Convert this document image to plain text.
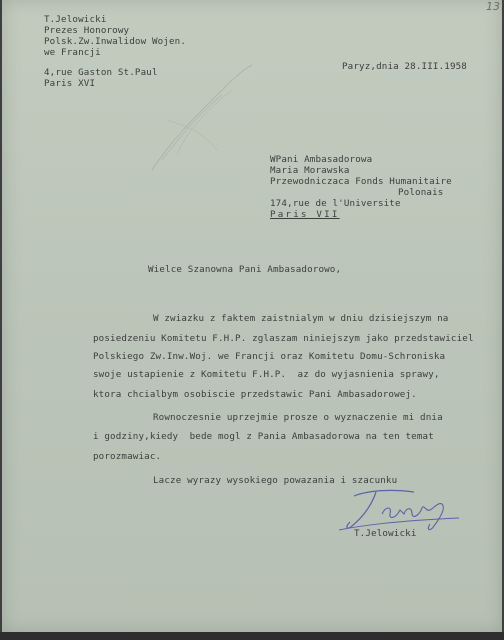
13
T.Jelowicki
Prezes Honorowy
Polsk.Zw.Inwalidow Wojen.
we Francji
4,rue Gaston St.Paul
Paris XVI
Paryz,dnia 28.III.1958
WPani Ambasadorowa
Maria Morawska
Przewodniczaca Fonds Humanitaire
Polonais
174,rue de l'Universite
Paris VII
Wielce Szanowna Pani Ambasadorowo,
W zwiazku z faktem zaistnialym w dniu dzisiejszym na
posiedzeniu Komitetu F.H.P. zglaszam niniejszym jako przedstawiciel
Polskiego Zw.Inw.Woj. we Francji oraz Komitetu Domu-Schroniska
swoje ustapienie z Komitetu F.H.P.  az do wyjasnienia sprawy,
ktora chcialbym osobiscie przedstawic Pani Ambasadorowej.
Rownoczesnie uprzejmie prosze o wyznaczenie mi dnia
i godziny,kiedy  bede mogl z Pania Ambasadorowa na ten temat
porozmawiac.
Lacze wyrazy wysokiego powazania i szacunku
T.Jelowicki
